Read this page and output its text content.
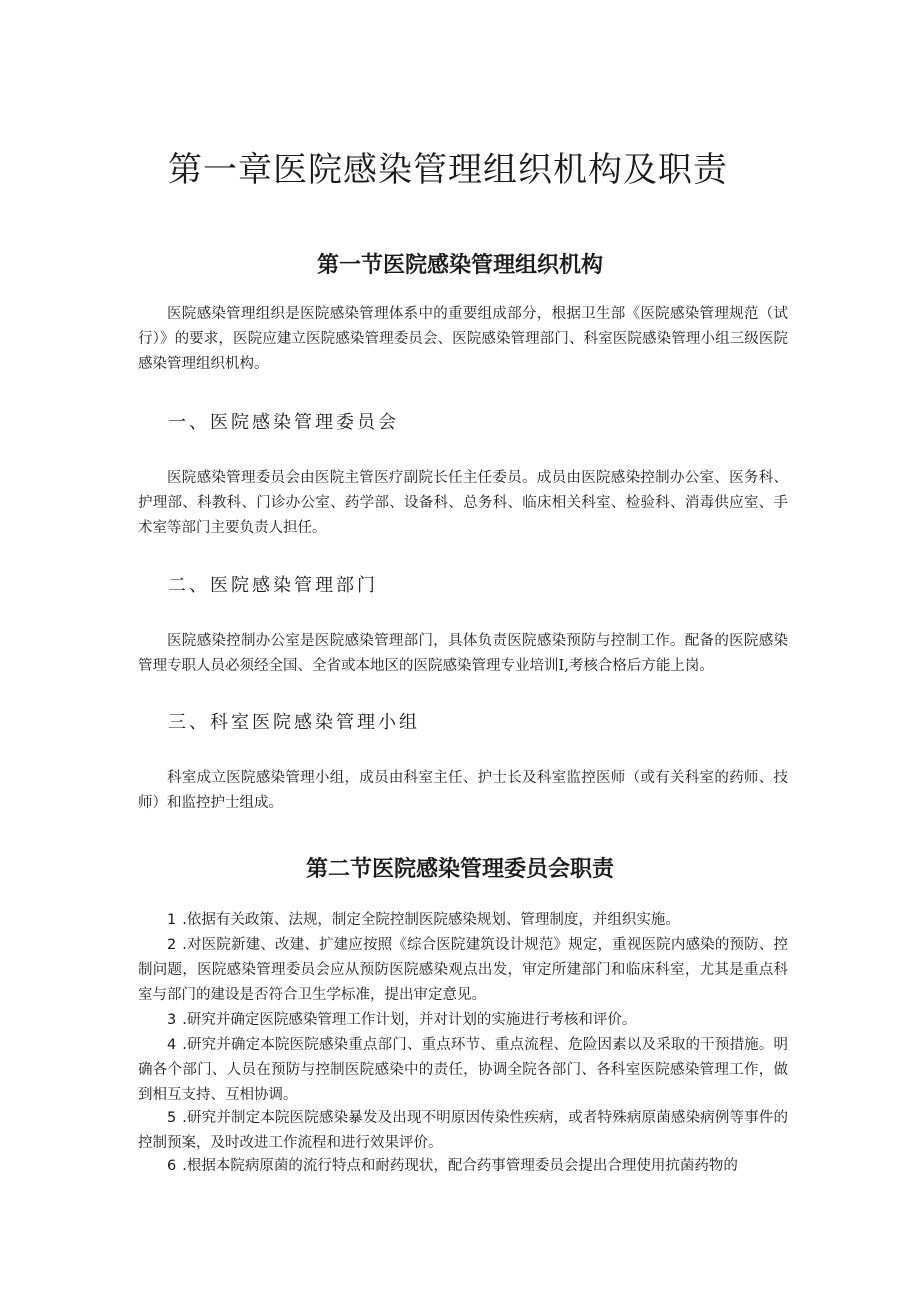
第一章医院感染管理组织机构及职责
第一节医院感染管理组织机构

医院感染管理组织是医院感染管理体系中的重要组成部分，根据卫生部《医院感染管理规范（试行）》的要求，医院应建立医院感染管理委员会、医院感染管理部门、科室医院感染管理小组三级医院感染管理组织机构。

一、医院感染管理委员会

医院感染管理委员会由医院主管医疗副院长任主任委员。成员由医院感染控制办公室、医务科、护理部、科教科、门诊办公室、药学部、设备科、总务科、临床相关科室、检验科、消毒供应室、手术室等部门主要负责人担任。

二、医院感染管理部门

医院感染控制办公室是医院感染管理部门，具体负责医院感染预防与控制工作。配备的医院感染管理专职人员必须经全国、全省或本地区的医院感染管理专业培训I,考核合格后方能上岗。

三、科室医院感染管理小组

科室成立医院感染管理小组，成员由科室主任、护士长及科室监控医师（或有关科室的药师、技师）和监控护士组成。

第二节医院感染管理委员会职责

1 .依据有关政策、法规，制定全院控制医院感染规划、管理制度，并组织实施。

2 .对医院新建、改建、扩建应按照《综合医院建筑设计规范》规定，重视医院内感染的预防、控制问题，医院感染管理委员会应从预防医院感染观点出发，审定所建部门和临床科室，尤其是重点科室与部门的建设是否符合卫生学标准，提出审定意见。

3 .研究并确定医院感染管理工作计划，并对计划的实施进行考核和评价。

4 .研究并确定本院医院感染重点部门、重点环节、重点流程、危险因素以及采取的干预措施。明确各个部门、人员在预防与控制医院感染中的责任，协调全院各部门、各科室医院感染管理工作，做到相互支持、互相协调。

5 .研究并制定本院医院感染暴发及出现不明原因传染性疾病，或者特殊病原菌感染病例等事件的控制预案，及时改进工作流程和进行效果评价。

6 .根据本院病原菌的流行特点和耐药现状，配合药事管理委员会提出合理使用抗菌药物的
